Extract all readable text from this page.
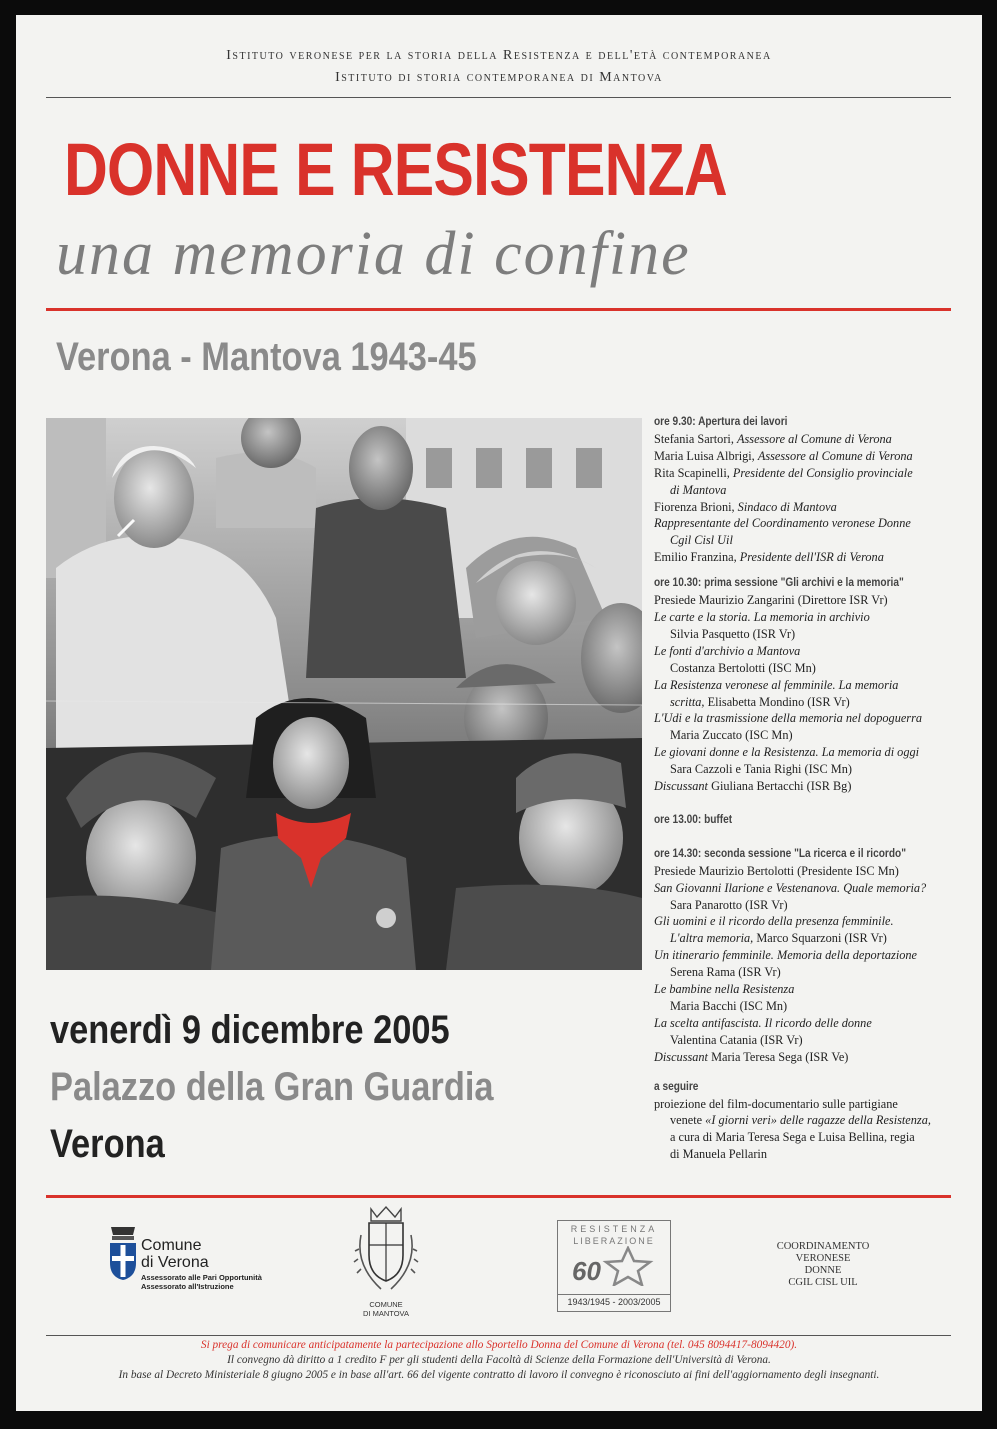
Istituto veronese per la storia della Resistenza e dell'età contemporanea
Istituto di storia contemporanea di Mantova
DONNE E RESISTENZA
una memoria di confine
Verona - Mantova 1943-45
venerdì 9 dicembre 2005
Palazzo della Gran Guardia
Verona
ore 9.30: Apertura dei lavori
Stefania Sartori, Assessore al Comune di Verona
Maria Luisa Albrigi, Assessore al Comune di Verona
Rita Scapinelli, Presidente del Consiglio provinciale
di Mantova
Fiorenza Brioni, Sindaco di Mantova
Rappresentante del Coordinamento veronese Donne
Cgil Cisl Uil
Emilio Franzina, Presidente dell'ISR di Verona
ore 10.30: prima sessione "Gli archivi e la memoria"
Presiede Maurizio Zangarini (Direttore ISR Vr)
Le carte e la storia. La memoria in archivio
Silvia Pasquetto (ISR Vr)
Le fonti d'archivio a Mantova
Costanza Bertolotti (ISC Mn)
La Resistenza veronese al femminile. La memoria
scritta, Elisabetta Mondino (ISR Vr)
L'Udi e la trasmissione della memoria nel dopoguerra
Maria Zuccato (ISC Mn)
Le giovani donne e la Resistenza. La memoria di oggi
Sara Cazzoli e Tania Righi (ISC Mn)
Discussant Giuliana Bertacchi (ISR Bg)
ore 13.00: buffet
ore 14.30: seconda sessione "La ricerca e il ricordo"
Presiede Maurizio Bertolotti (Presidente ISC Mn)
San Giovanni Ilarione e Vestenanova. Quale memoria?
Sara Panarotto (ISR Vr)
Gli uomini e il ricordo della presenza femminile.
L'altra memoria, Marco Squarzoni (ISR Vr)
Un itinerario femminile. Memoria della deportazione
Serena Rama (ISR Vr)
Le bambine nella Resistenza
Maria Bacchi (ISC Mn)
La scelta antifascista. Il ricordo delle donne
Valentina Catania (ISR Vr)
Discussant Maria Teresa Sega (ISR Ve)
a seguire
proiezione del film-documentario sulle partigiane
venete «I giorni veri» delle ragazze della Resistenza,
a cura di Maria Teresa Sega e Luisa Bellina, regia
di Manuela Pellarin
Comune
di Verona
Assessorato alle Pari Opportunità
Assessorato all'Istruzione
COMUNE
DI MANTOVA
RESISTENZA
LIBERAZIONE
60
1943/1945 - 2003/2005
COORDINAMENTO
VERONESE
DONNE
CGIL CISL UIL
Si prega di comunicare anticipatamente la partecipazione allo Sportello Donna del Comune di Verona (tel. 045 8094417-8094420).
Il convegno dà diritto a 1 credito F per gli studenti della Facoltà di Scienze della Formazione dell'Università di Verona.
In base al Decreto Ministeriale 8 giugno 2005 e in base all'art. 66 del vigente contratto di lavoro il convegno è riconosciuto ai fini dell'aggiornamento degli insegnanti.
